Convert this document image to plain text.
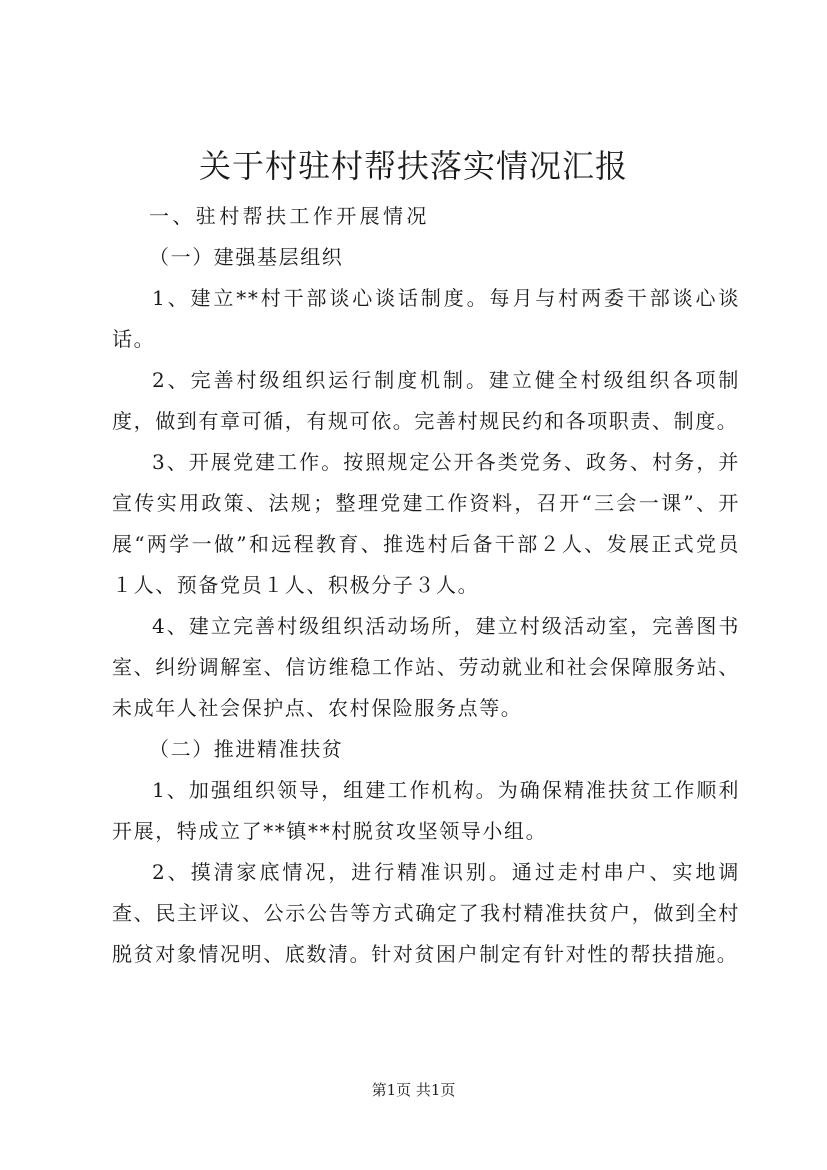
关于村驻村帮扶落实情况汇报

一、驻村帮扶工作开展情况

（一）建强基层组织

1、建立**村干部谈心谈话制度。每月与村两委干部谈心谈话。

2、完善村级组织运行制度机制。建立健全村级组织各项制度，做到有章可循，有规可依。完善村规民约和各项职责、制度。

3、开展党建工作。按照规定公开各类党务、政务、村务，并宣传实用政策、法规；整理党建工作资料，召开“三会一课”、开展“两学一做”和远程教育、推选村后备干部２人、发展正式党员１人、预备党员１人、积极分子３人。

4、建立完善村级组织活动场所，建立村级活动室，完善图书室、纠纷调解室、信访维稳工作站、劳动就业和社会保障服务站、未成年人社会保护点、农村保险服务点等。

（二）推进精准扶贫

1、加强组织领导，组建工作机构。为确保精准扶贫工作顺利开展，特成立了**镇**村脱贫攻坚领导小组。

2、摸清家底情况，进行精准识别。通过走村串户、实地调查、民主评议、公示公告等方式确定了我村精准扶贫户，做到全村脱贫对象情况明、底数清。针对贫困户制定有针对性的帮扶措施。

第1页 共1页
